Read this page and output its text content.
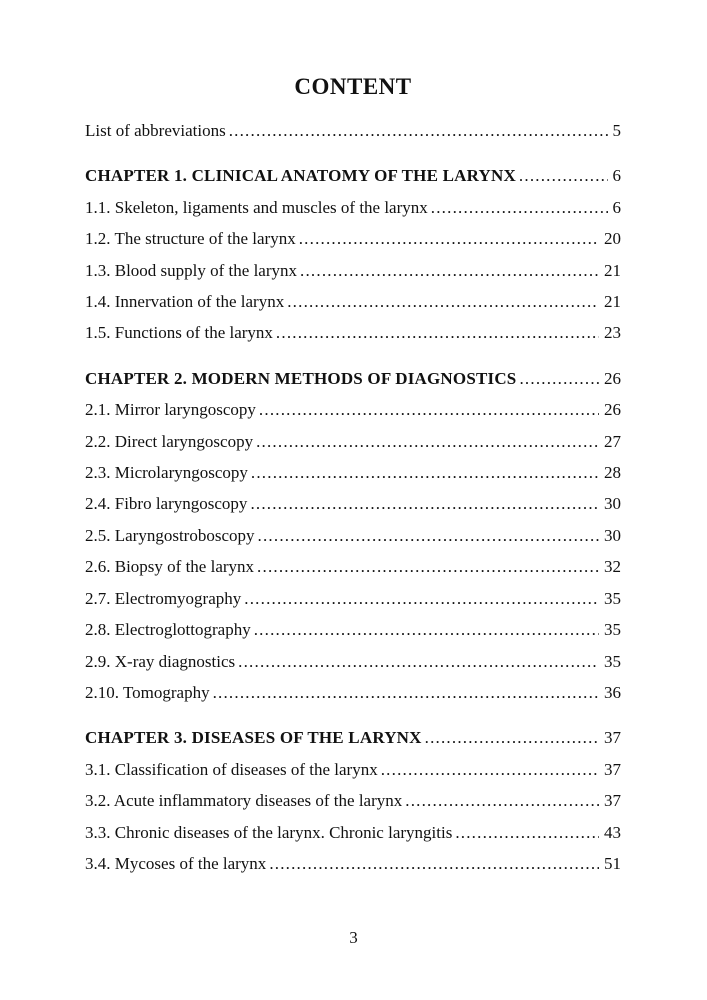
CONTENT
List of abbreviations .....	5
CHAPTER 1. CLINICAL ANATOMY OF THE LARYNX .....	6
1.1. Skeleton, ligaments and muscles of the larynx .....	6
1.2. The structure of the larynx .....	20
1.3. Blood supply of the larynx .....	21
1.4. Innervation of the larynx .....	21
1.5. Functions of the larynx .....	23
CHAPTER 2. MODERN METHODS OF DIAGNOSTICS .....	26
2.1. Mirror laryngoscopy .....	26
2.2. Direct laryngoscopy .....	27
2.3. Microlaryngoscopy .....	28
2.4. Fibro laryngoscopy .....	30
2.5. Laryngostroboscopy .....	30
2.6. Biopsy of the larynx .....	32
2.7. Electromyography .....	35
2.8. Electroglottography .....	35
2.9. X-ray diagnostics .....	35
2.10. Tomography .....	36
CHAPTER 3. DISEASES OF THE LARYNX .....	37
3.1. Classification of diseases of the larynx .....	37
3.2. Acute inflammatory diseases of the larynx .....	37
3.3. Chronic diseases of the larynx. Chronic laryngitis .....	43
3.4. Mycoses of the larynx .....	51
3
